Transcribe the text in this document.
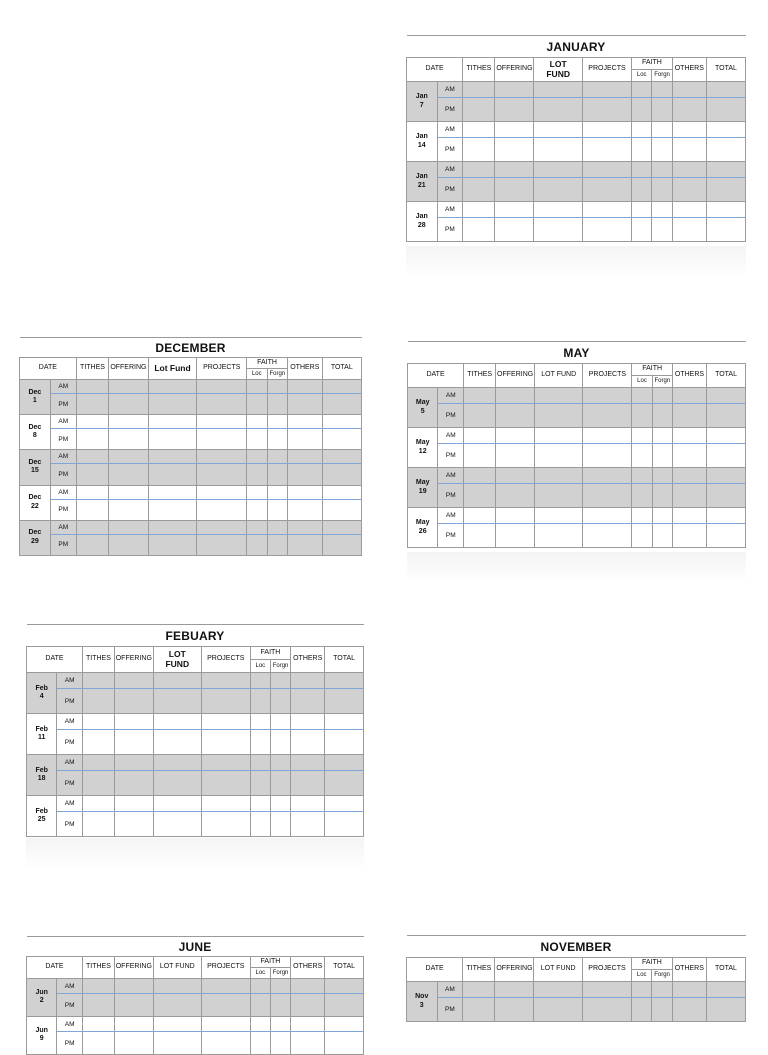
JANUARY									
DATE		TITHES	OFFERING	LOT FUND	PROJECTS	FAITH		OTHERS	TOTAL
						Loc	Forgn		
Jan
7	AM								
	PM								
Jan
14	AM								
	PM								
Jan
21	AM								
	PM								
Jan
28	AM								
	PM								
DECEMBER									
DATE		TITHES	OFFERING	Lot Fund	PROJECTS	FAITH		OTHERS	TOTAL
						Loc	Forgn		
Dec
1	AM								
	PM								
Dec
8	AM								
	PM								
Dec
15	AM								
	PM								
Dec
22	AM								
	PM								
Dec
29	AM								
	PM								
MAY									
DATE		TITHES	OFFERING	LOT FUND	PROJECTS	FAITH		OTHERS	TOTAL
						Loc	Forgn		
May
5	AM								
	PM								
May
12	AM								
	PM								
May
19	AM								
	PM								
May
26	AM								
	PM								
FEBUARY									
DATE		TITHES	OFFERING	LOT FUND	PROJECTS	FAITH		OTHERS	TOTAL
						Loc	Forgn		
Feb
4	AM								
	PM								
Feb
11	AM								
	PM								
Feb
18	AM								
	PM								
Feb
25	AM								
	PM								
JUNE									
DATE		TITHES	OFFERING	LOT FUND	PROJECTS	FAITH		OTHERS	TOTAL
						Loc	Forgn		
Jun
2	AM								
	PM								
Jun
9	AM								
	PM								
NOVEMBER									
DATE		TITHES	OFFERING	LOT FUND	PROJECTS	FAITH		OTHERS	TOTAL
						Loc	Forgn		
Nov
3	AM								
	PM								
